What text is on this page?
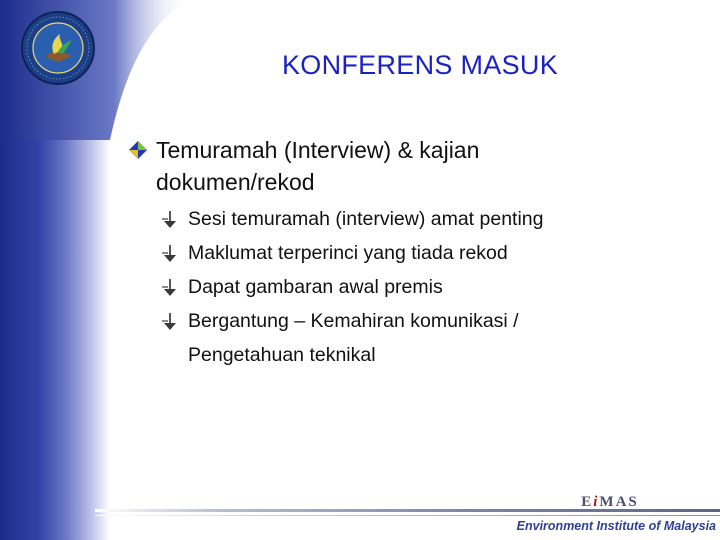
KONFERENS MASUK
Temuramah (Interview) & kajian
dokumen/rekod
Sesi temuramah (interview) amat penting
Maklumat terperinci yang tiada rekod
Dapat gambaran awal premis
Bergantung – Kemahiran komunikasi /
Pengetahuan teknikal
EiMAS
Environment Institute of Malaysia
